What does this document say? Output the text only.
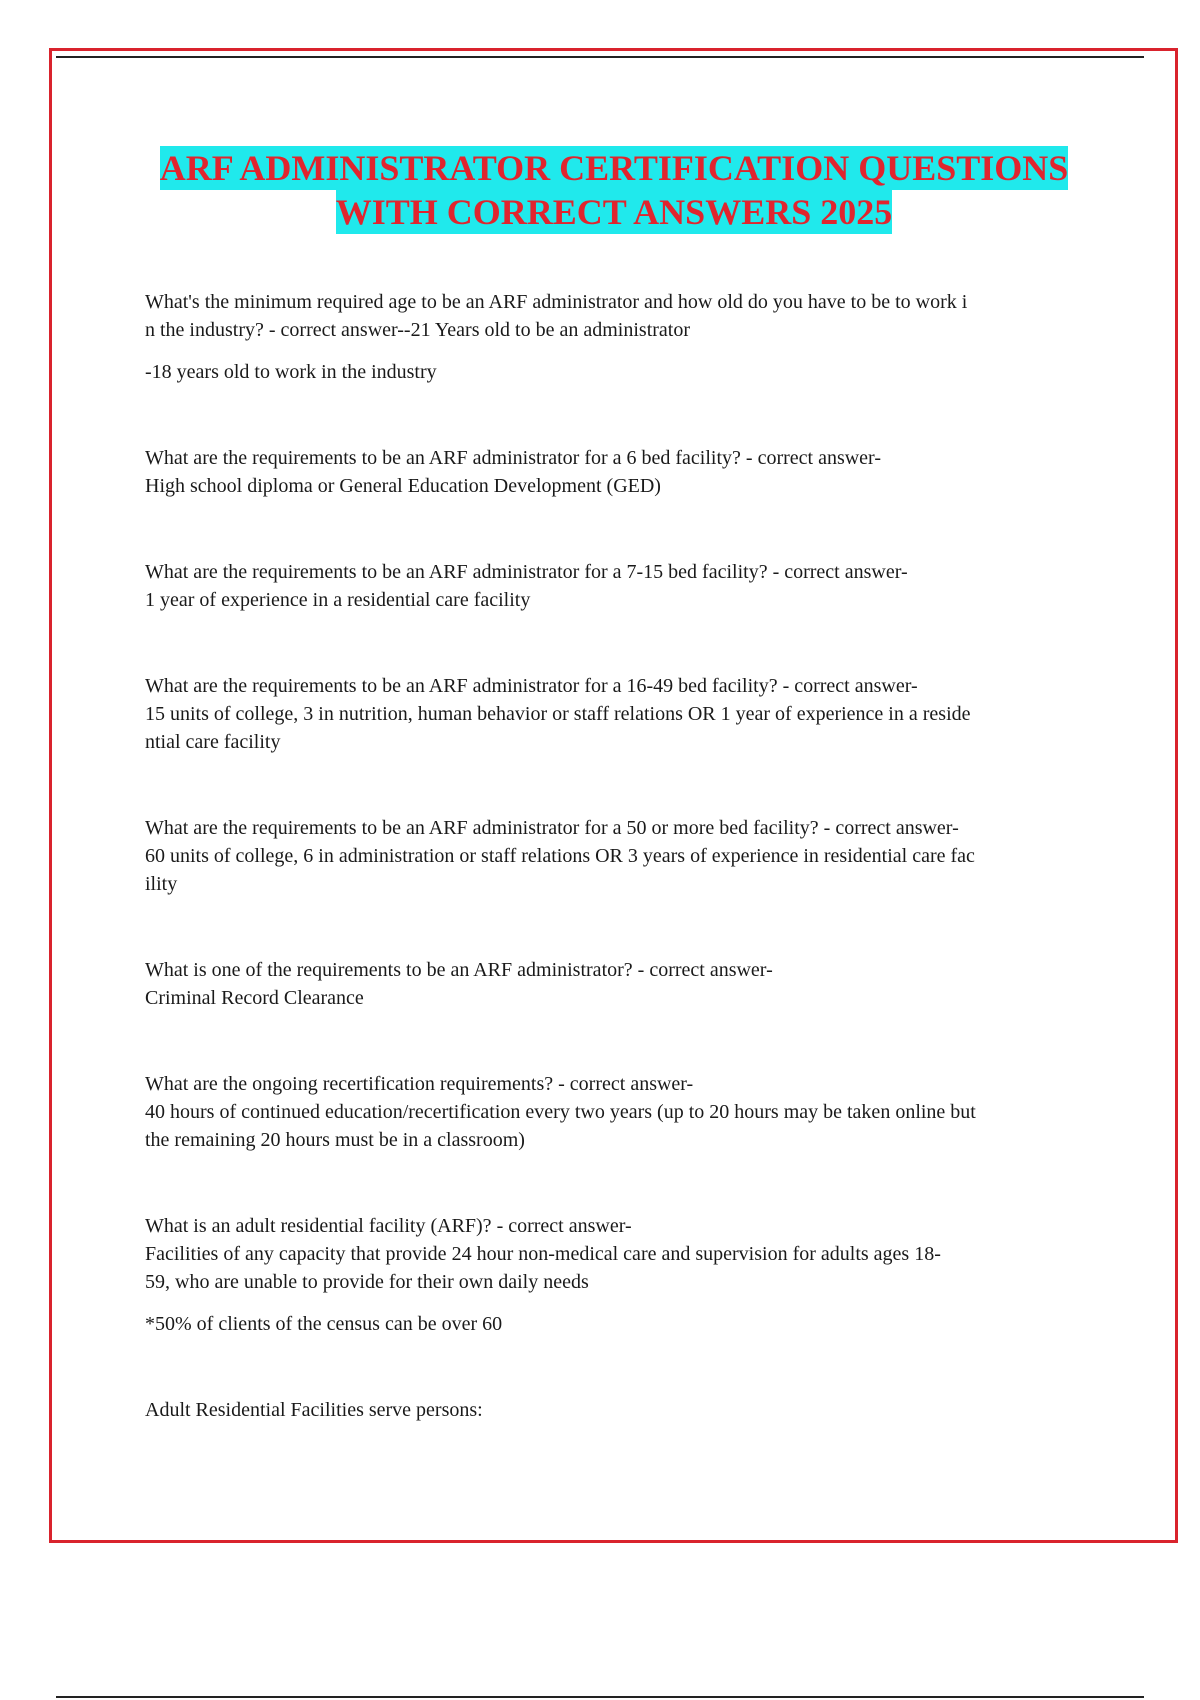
ARF ADMINISTRATOR CERTIFICATION QUESTIONS
WITH CORRECT ANSWERS 2025

What's the minimum required age to be an ARF administrator and how old do you have to be to work i
n the industry? - correct answer--21 Years old to be an administrator

-18 years old to work in the industry

What are the requirements to be an ARF administrator for a 6 bed facility? - correct answer-
High school diploma or General Education Development (GED)

What are the requirements to be an ARF administrator for a 7-15 bed facility? - correct answer-
1 year of experience in a residential care facility

What are the requirements to be an ARF administrator for a 16-49 bed facility? - correct answer-
15 units of college, 3 in nutrition, human behavior or staff relations OR 1 year of experience in a reside
ntial care facility

What are the requirements to be an ARF administrator for a 50 or more bed facility? - correct answer-
60 units of college, 6 in administration or staff relations OR 3 years of experience in residential care fac
ility

What is one of the requirements to be an ARF administrator? - correct answer-
Criminal Record Clearance

What are the ongoing recertification requirements? - correct answer-
40 hours of continued education/recertification every two years (up to 20 hours may be taken online but
the remaining 20 hours must be in a classroom)

What is an adult residential facility (ARF)? - correct answer-
Facilities of any capacity that provide 24 hour non-medical care and supervision for adults ages 18-
59, who are unable to provide for their own daily needs

*50% of clients of the census can be over 60

Adult Residential Facilities serve persons:
